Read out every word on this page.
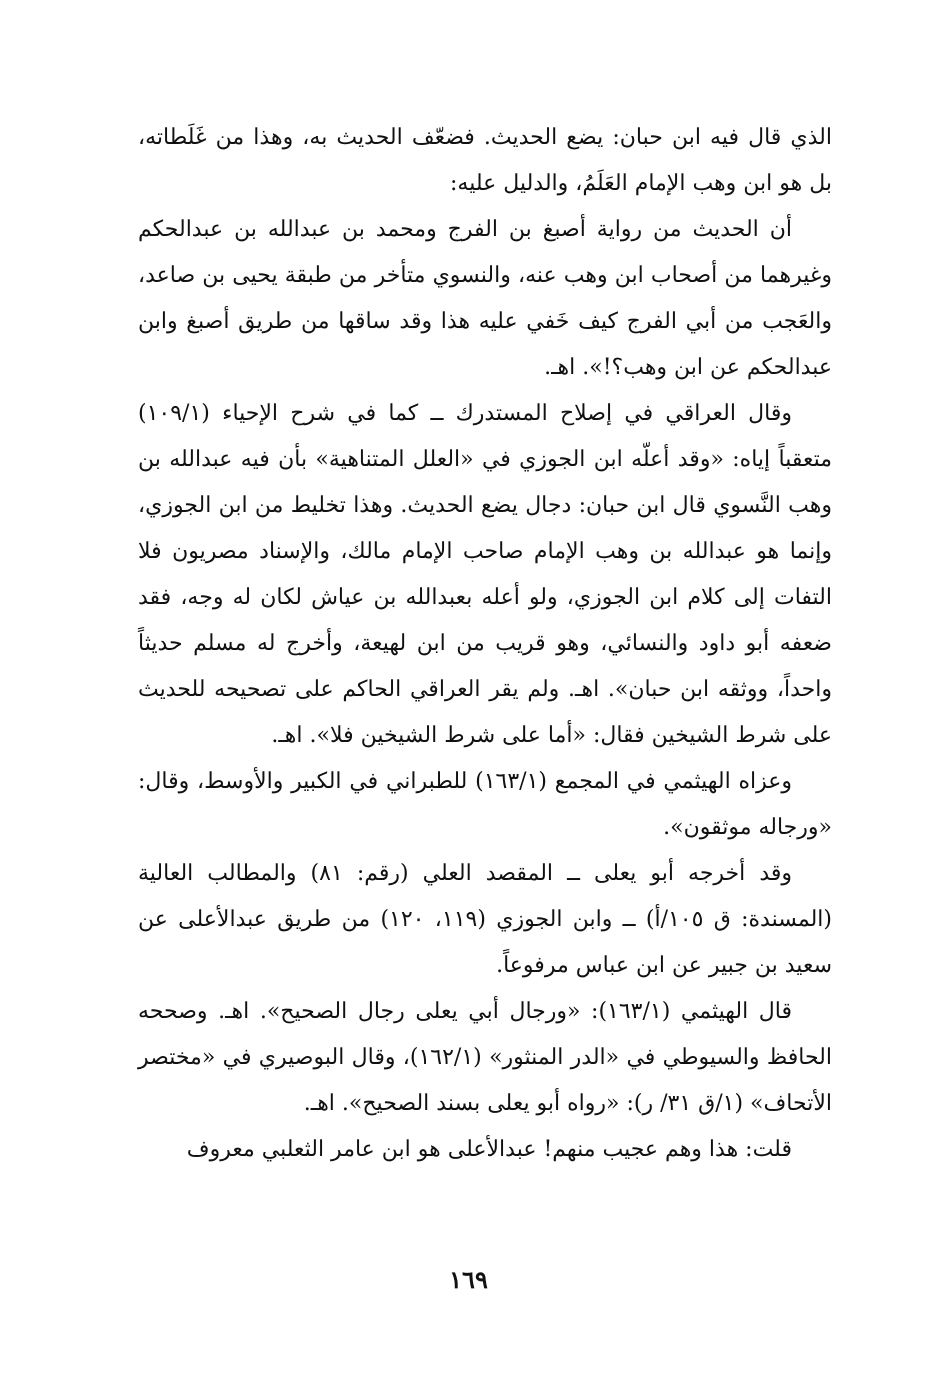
الذي قال فيه ابن حبان: يضع الحديث. فضعّف الحديث به، وهذا من غَلَطاته، بل هو ابن وهب الإمام العَلَمُ، والدليل عليه:

أن الحديث من رواية أصبغ بن الفرج ومحمد بن عبدالله بن عبدالحكم وغيرهما من أصحاب ابن وهب عنه، والنسوي متأخر من طبقة يحيى بن صاعد، والعَجب من أبي الفرج كيف خَفي عليه هذا وقد ساقها من طريق أصبغ وابن عبدالحكم عن ابن وهب؟!». اهـ.

وقال العراقي في إصلاح المستدرك ــ كما في شرح الإحياء (١٠٩/١) متعقباً إياه: «وقد أعلّه ابن الجوزي في «العلل المتناهية» بأن فيه عبدالله بن وهب النَّسوي قال ابن حبان: دجال يضع الحديث. وهذا تخليط من ابن الجوزي، وإنما هو عبدالله بن وهب الإمام صاحب الإمام مالك، والإسناد مصريون فلا التفات إلى كلام ابن الجوزي، ولو أعله بعبدالله بن عياش لكان له وجه، فقد ضعفه أبو داود والنسائي، وهو قريب من ابن لهيعة، وأخرج له مسلم حديثاً واحداً، ووثقه ابن حبان». اهـ. ولم يقر العراقي الحاكم على تصحيحه للحديث على شرط الشيخين فقال: «أما على شرط الشيخين فلا». اهـ.

وعزاه الهيثمي في المجمع (١٦٣/١) للطبراني في الكبير والأوسط، وقال: «ورجاله موثقون».

وقد أخرجه أبو يعلى ــ المقصد العلي (رقم: ٨١) والمطالب العالية (المسندة: ق ١٠٥/أ) ــ وابن الجوزي (١١٩، ١٢٠) من طريق عبدالأعلى عن سعيد بن جبير عن ابن عباس مرفوعاً.

قال الهيثمي (١٦٣/١): «ورجال أبي يعلى رجال الصحيح». اهـ. وصححه الحافظ والسيوطي في «الدر المنثور» (١٦٢/١)، وقال البوصيري في «مختصر الأتحاف» (١/ق ٣١/ ر): «رواه أبو يعلى بسند الصحيح». اهـ.

قلت: هذا وهم عجيب منهم! عبدالأعلى هو ابن عامر الثعلبي معروف

١٦٩
